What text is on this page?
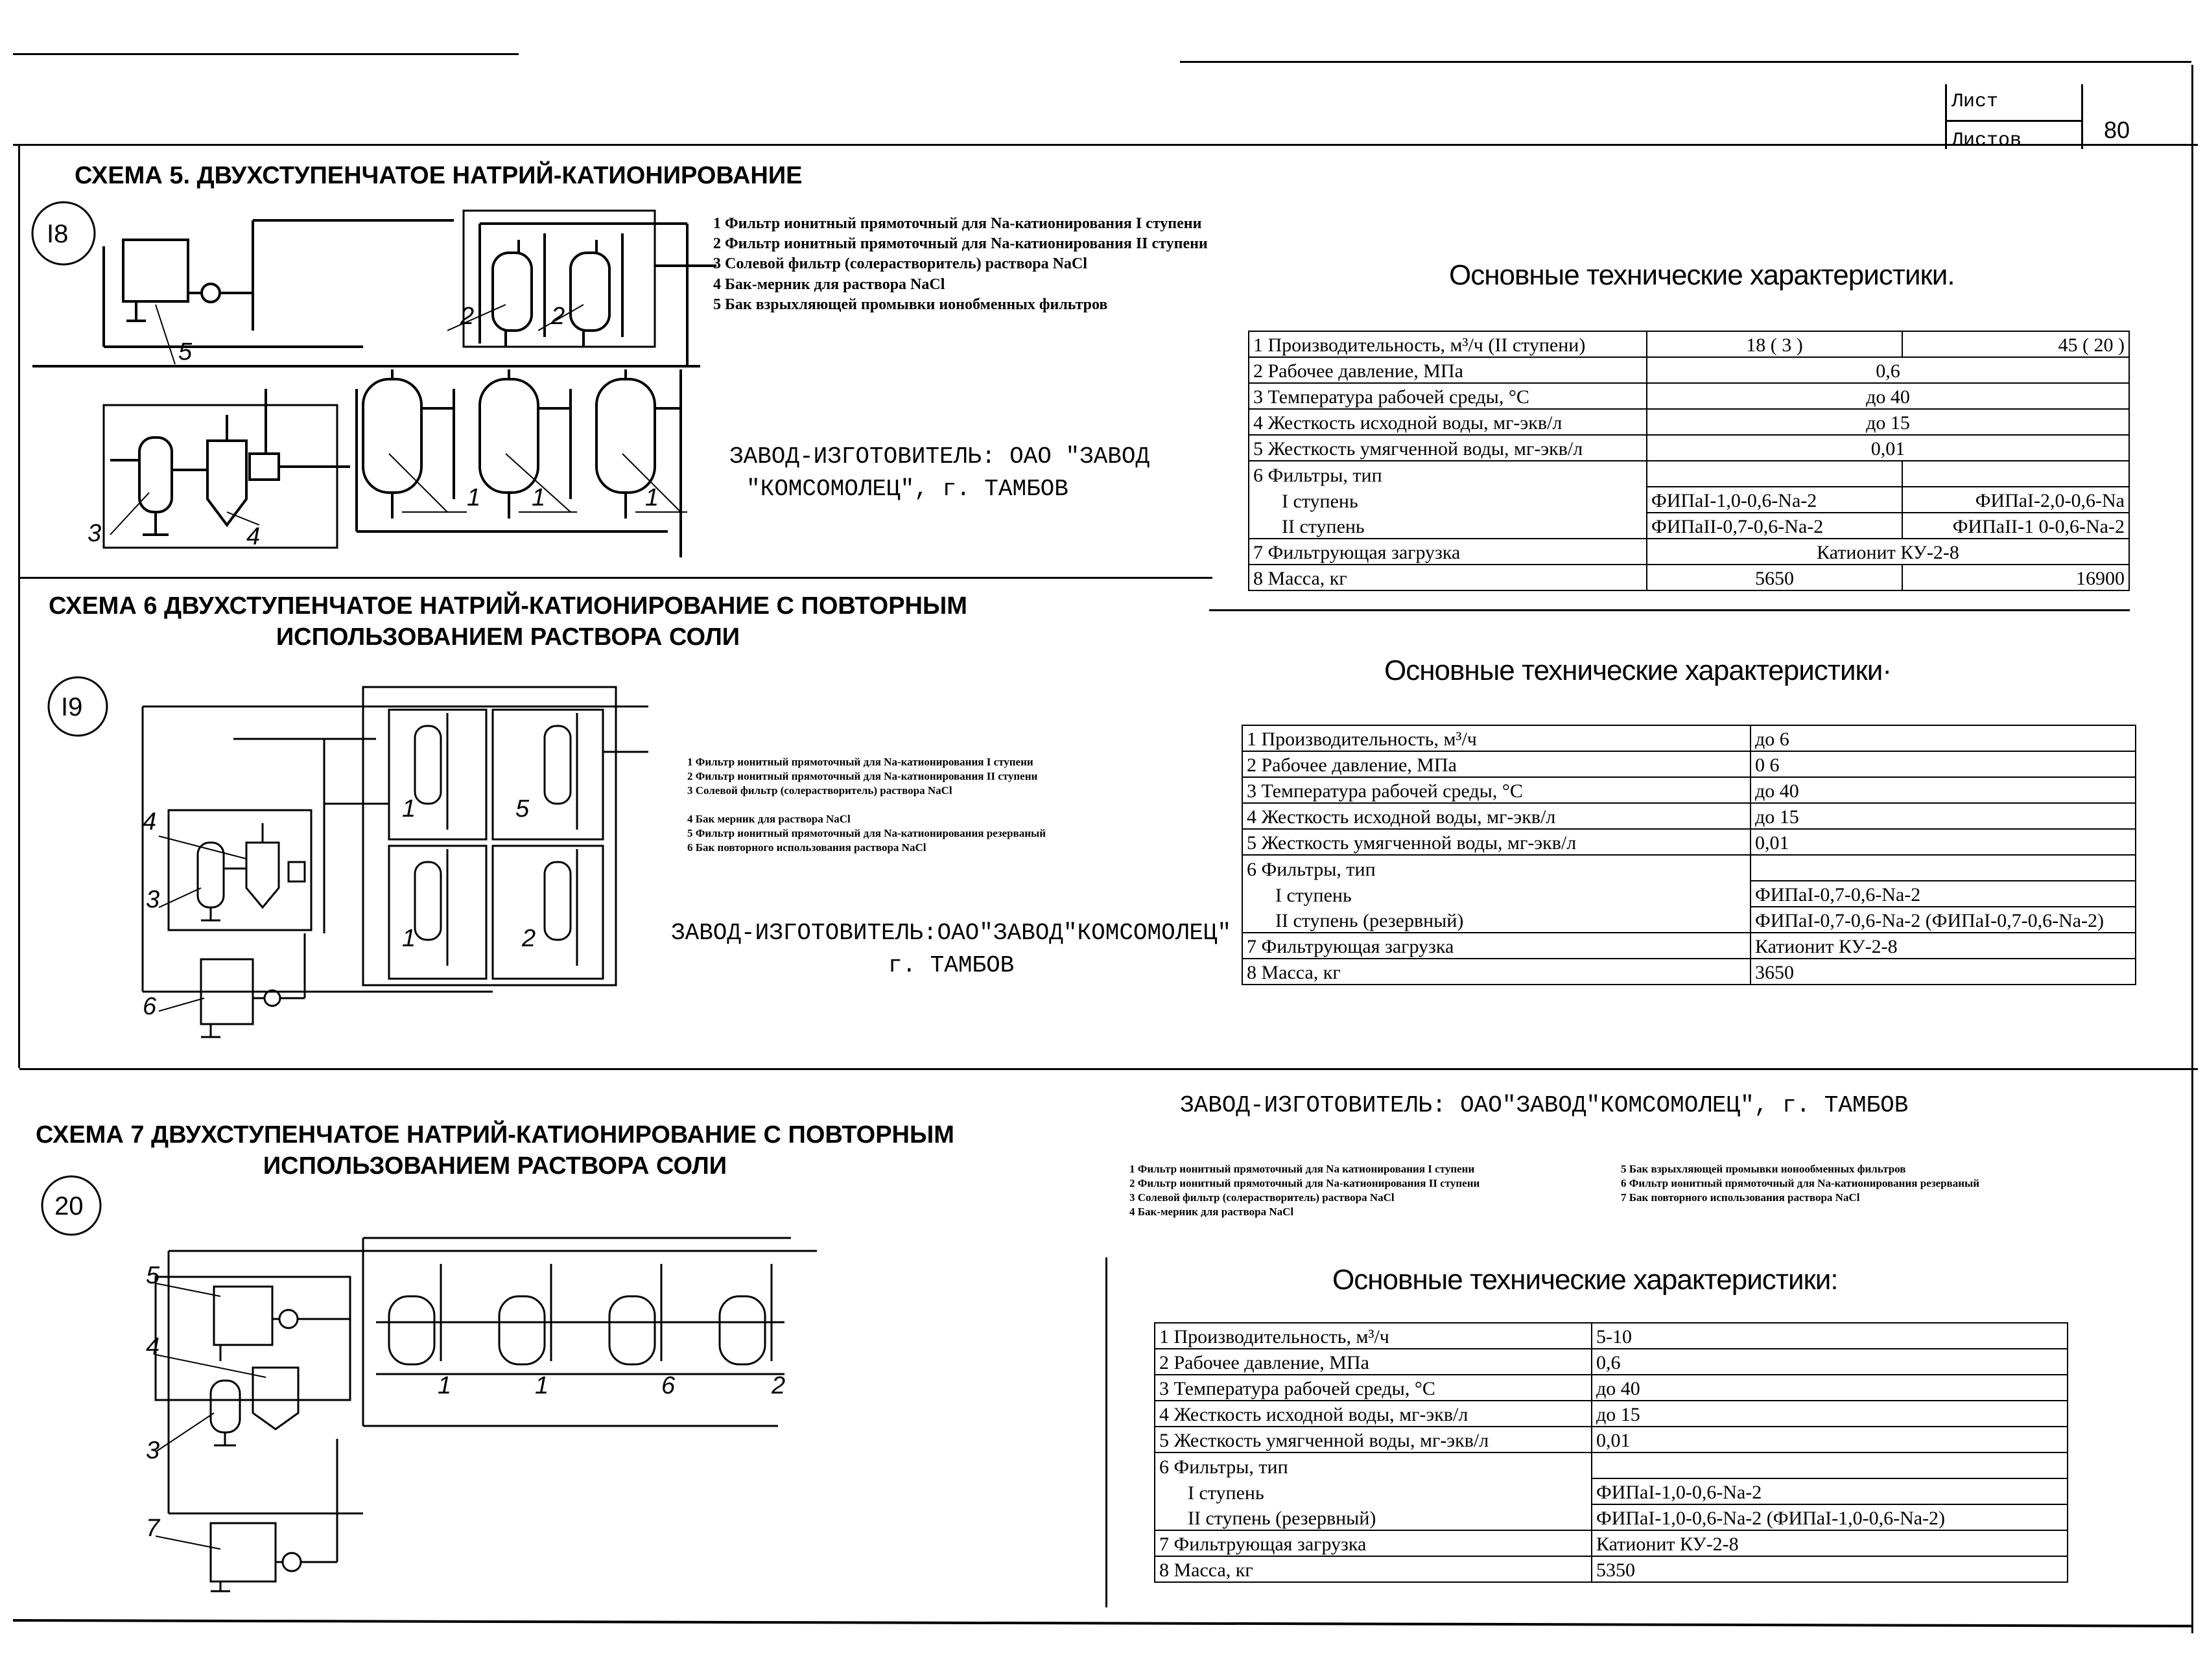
Лист
Листов	80
СХЕМА 5. ДВУХСТУПЕНЧАТОЕ НАТРИЙ-КАТИОНИРОВАНИЕ
I8
2	2
1 1	1
5
3	4
1 Фильтр ионитный прямоточный для Na-катионирования I ступени
2 Фильтр ионитный прямоточный для Na-катионирования II ступени
3 Солевой фильтр (солерастворитель) раствора NaCl
4 Бак-мерник для раствора NaCl
5 Бак взрыхляющей промывки ионобменных фильтров
ЗАВОД-ИЗГОТОВИТЕЛЬ: ОАО "ЗАВОД
"КОМСОМОЛЕЦ", г. ТАМБОВ
Основные технические характеристики.
1 Производительность, м³/ч (II ступени)	18 ( 3 )	45 ( 20 )
2 Рабочее давление, МПа	0,6	
3 Температура рабочей среды, °С	до 40	
4 Жесткость исходной воды, мг-экв/л	до 15	
5 Жесткость умягченной воды, мг-экв/л	0,01	
6 Фильтры, тип		
I ступень	ФИПаI-1,0-0,6-Na-2	ФИПаI-2,0-0,6-Na
II ступень	ФИПаII-0,7-0,6-Na-2	ФИПаII-1 0-0,6-Na-2
7 Фильтрующая загрузка	Катионит КУ-2-8	
8 Масса, кг	5650	16900
СХЕМА 6 ДВУХСТУПЕНЧАТОЕ НАТРИЙ-КАТИОНИРОВАНИЕ С ПОВТОРНЫМ
ИСПОЛЬЗОВАНИЕМ РАСТВОРА СОЛИ
I9
1	5
1	2
4
3
6
1 Фильтр ионитный прямоточный для Na-катионирования I ступени
2 Фильтр ионитный прямоточный для Na-катионирования II ступени
3 Солевой фильтр (солерастворитель) раствора NaCl
4 Бак мерник для раствора NaCl
5 Фильтр ионитный прямоточный для Na-катионирования резерваный
6 Бак повторного использования раствора NaCl
ЗАВОД-ИЗГОТОВИТЕЛЬ:ОАО"ЗАВОД"КОМСОМОЛЕЦ"
г. ТАМБОВ
Основные технические характеристики·
1 Производительность, м³/ч	до 6
2 Рабочее давление, МПа	0 6
3 Температура рабочей среды, °С	до 40
4 Жесткость исходной воды, мг-экв/л	до 15
5 Жесткость умягченной воды, мг-экв/л	0,01
6 Фильтры, тип	
I ступень	ФИПаI-0,7-0,6-Na-2
II ступень (резервный)	ФИПаI-0,7-0,6-Na-2 (ФИПаI-0,7-0,6-Na-2)
7 Фильтрующая загрузка	Катионит КУ-2-8
8 Масса, кг	3650
ЗАВОД-ИЗГОТОВИТЕЛЬ: ОАО"ЗАВОД"КОМСОМОЛЕЦ", г. ТАМБОВ
СХЕМА 7 ДВУХСТУПЕНЧАТОЕ НАТРИЙ-КАТИОНИРОВАНИЕ С ПОВТОРНЫМ
ИСПОЛЬЗОВАНИЕМ РАСТВОРА СОЛИ
20
1	1	6	2
5
4
3
7
1 Фильтр ионитный прямоточный для Na катионирования I ступени
2 Фильтр ионитный прямоточный для Na-катионирования II ступени
3 Солевой фильтр (солерастворитель) раствора NaCl
4 Бак-мерник для раствора NaCl
5 Бак взрыхляющей промывки ионообменных фильтров
6 Фильтр ионитный прямоточный для Na-катионирования резерваный
7 Бак повторного использования раствора NaCl
Основные технические характеристики:
1 Производительность, м³/ч	5-10
2 Рабочее давление, МПа	0,6
3 Температура рабочей среды, °С	до 40
4 Жесткость исходной воды, мг-экв/л	до 15
5 Жесткость умягченной воды, мг-экв/л	0,01
6 Фильтры, тип	
I ступень	ФИПаI-1,0-0,6-Na-2
II ступень (резервный)	ФИПаI-1,0-0,6-Na-2 (ФИПаI-1,0-0,6-Na-2)
7 Фильтрующая загрузка	Катионит КУ-2-8
8 Масса, кг	5350
